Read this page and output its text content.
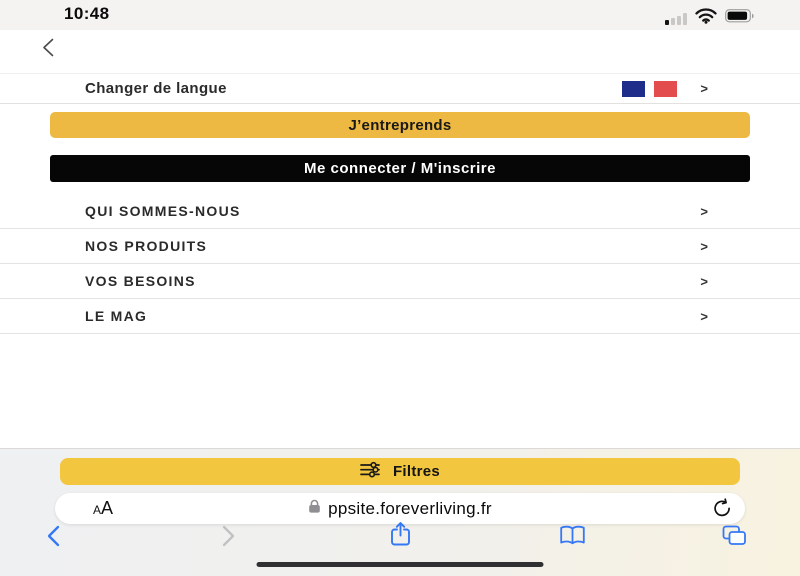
10:48
Changer de langue	>
J’entreprends
Me connecter / M'inscrire
QUI SOMMES-NOUS	>
NOS PRODUITS	>
VOS BESOINS	>
LE MAG	>
Filtres
A A	ppsite.foreverliving.fr
